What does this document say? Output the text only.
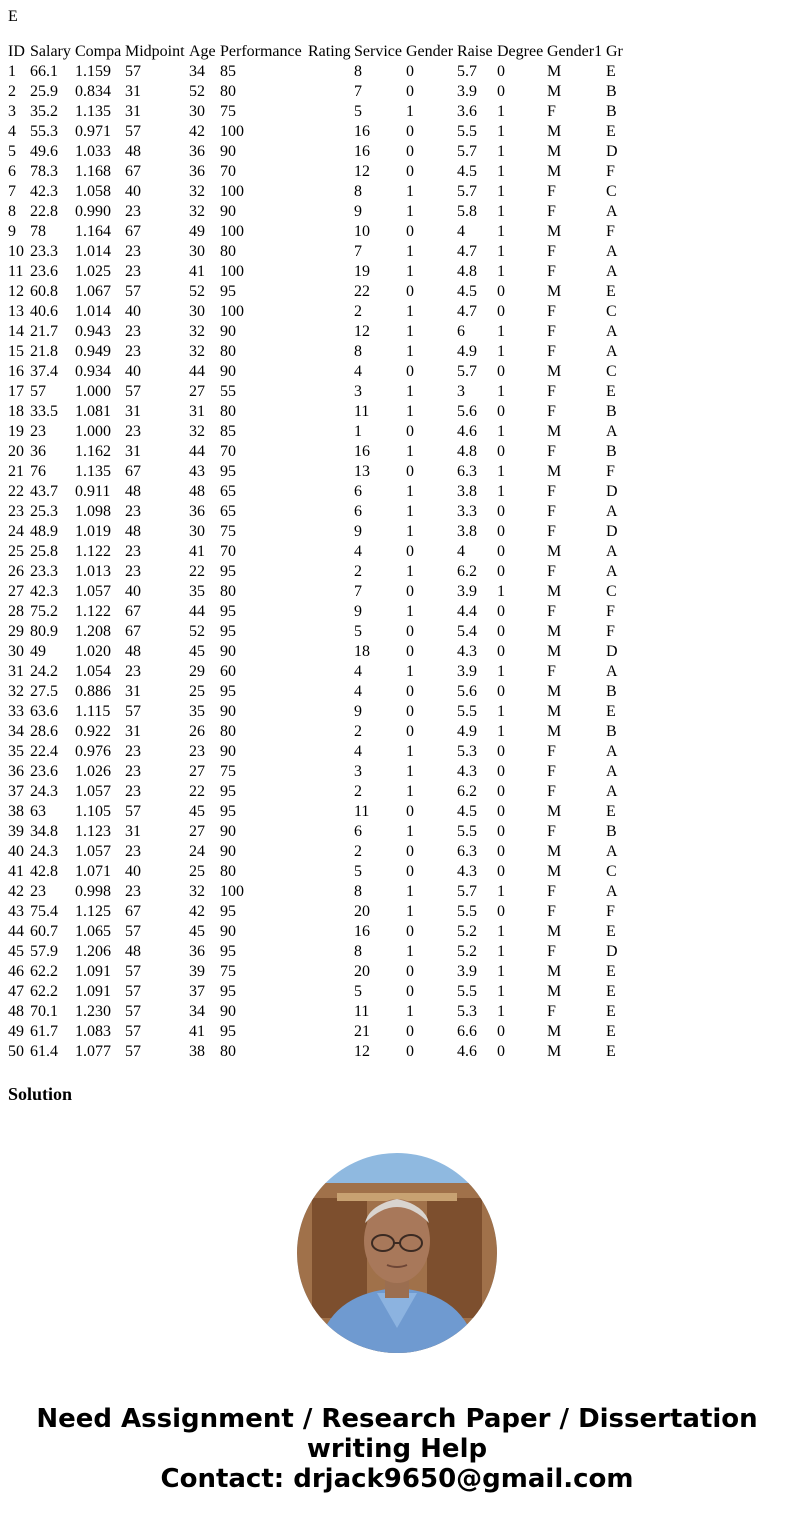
E
ID	Salary	Compa	Midpoint	Age	Performance	Rating	Service	Gender	Raise	Degree	Gender1	Gr
1	66.1	1.159	57	34	85		8	0	5.7	0	M	E
2	25.9	0.834	31	52	80		7	0	3.9	0	M	B
3	35.2	1.135	31	30	75		5	1	3.6	1	F	B
4	55.3	0.971	57	42	100		16	0	5.5	1	M	E
5	49.6	1.033	48	36	90		16	0	5.7	1	M	D
6	78.3	1.168	67	36	70		12	0	4.5	1	M	F
7	42.3	1.058	40	32	100		8	1	5.7	1	F	C
8	22.8	0.990	23	32	90		9	1	5.8	1	F	A
9	78	1.164	67	49	100		10	0	4	1	M	F
10	23.3	1.014	23	30	80		7	1	4.7	1	F	A
11	23.6	1.025	23	41	100		19	1	4.8	1	F	A
12	60.8	1.067	57	52	95		22	0	4.5	0	M	E
13	40.6	1.014	40	30	100		2	1	4.7	0	F	C
14	21.7	0.943	23	32	90		12	1	6	1	F	A
15	21.8	0.949	23	32	80		8	1	4.9	1	F	A
16	37.4	0.934	40	44	90		4	0	5.7	0	M	C
17	57	1.000	57	27	55		3	1	3	1	F	E
18	33.5	1.081	31	31	80		11	1	5.6	0	F	B
19	23	1.000	23	32	85		1	0	4.6	1	M	A
20	36	1.162	31	44	70		16	1	4.8	0	F	B
21	76	1.135	67	43	95		13	0	6.3	1	M	F
22	43.7	0.911	48	48	65		6	1	3.8	1	F	D
23	25.3	1.098	23	36	65		6	1	3.3	0	F	A
24	48.9	1.019	48	30	75		9	1	3.8	0	F	D
25	25.8	1.122	23	41	70		4	0	4	0	M	A
26	23.3	1.013	23	22	95		2	1	6.2	0	F	A
27	42.3	1.057	40	35	80		7	0	3.9	1	M	C
28	75.2	1.122	67	44	95		9	1	4.4	0	F	F
29	80.9	1.208	67	52	95		5	0	5.4	0	M	F
30	49	1.020	48	45	90		18	0	4.3	0	M	D
31	24.2	1.054	23	29	60		4	1	3.9	1	F	A
32	27.5	0.886	31	25	95		4	0	5.6	0	M	B
33	63.6	1.115	57	35	90		9	0	5.5	1	M	E
34	28.6	0.922	31	26	80		2	0	4.9	1	M	B
35	22.4	0.976	23	23	90		4	1	5.3	0	F	A
36	23.6	1.026	23	27	75		3	1	4.3	0	F	A
37	24.3	1.057	23	22	95		2	1	6.2	0	F	A
38	63	1.105	57	45	95		11	0	4.5	0	M	E
39	34.8	1.123	31	27	90		6	1	5.5	0	F	B
40	24.3	1.057	23	24	90		2	0	6.3	0	M	A
41	42.8	1.071	40	25	80		5	0	4.3	0	M	C
42	23	0.998	23	32	100		8	1	5.7	1	F	A
43	75.4	1.125	67	42	95		20	1	5.5	0	F	F
44	60.7	1.065	57	45	90		16	0	5.2	1	M	E
45	57.9	1.206	48	36	95		8	1	5.2	1	F	D
46	62.2	1.091	57	39	75		20	0	3.9	1	M	E
47	62.2	1.091	57	37	95		5	0	5.5	1	M	E
48	70.1	1.230	57	34	90		11	1	5.3	1	F	E
49	61.7	1.083	57	41	95		21	0	6.6	0	M	E
50	61.4	1.077	57	38	80		12	0	4.6	0	M	E
Solution
Need Assignment / Research Paper / Dissertation
writing Help
Contact: drjack9650@gmail.com
